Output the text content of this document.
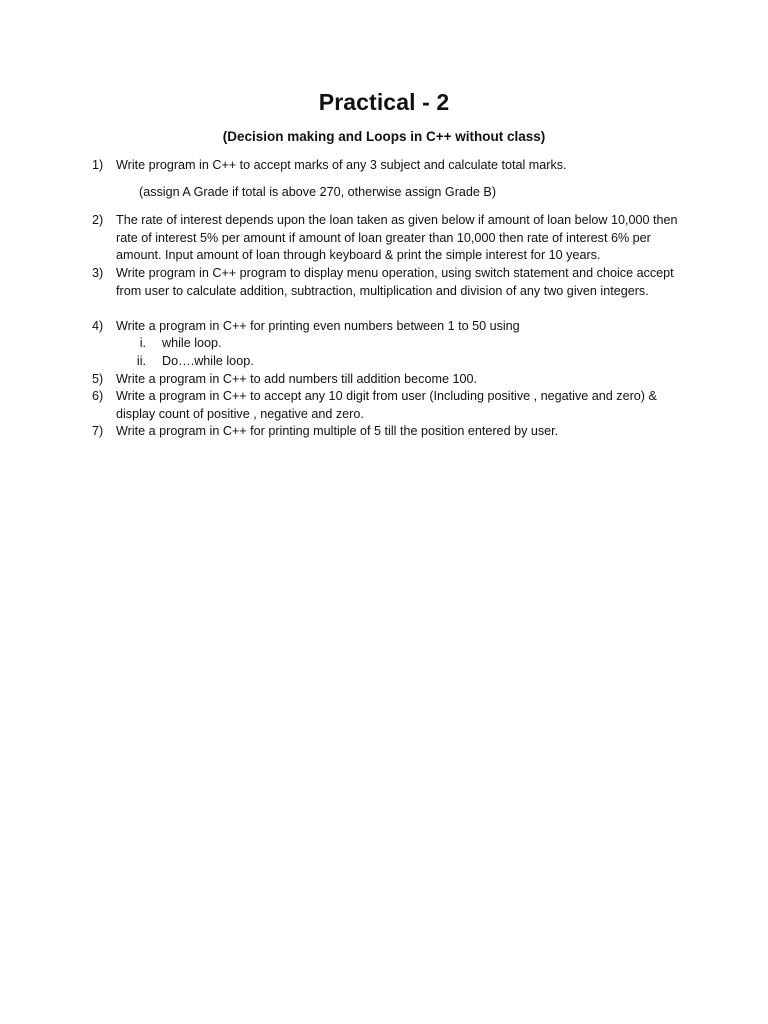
Practical - 2
(Decision making and Loops in C++ without class)
1)	Write program in C++ to accept marks of any 3 subject and calculate total marks.
(assign A Grade if total is above 270, otherwise assign Grade B)
2)	The rate of interest depends upon the loan taken as given below if amount of loan below 10,000 then rate of interest 5% per amount if amount of loan greater than 10,000 then rate of interest 6% per amount. Input amount of loan through keyboard & print the simple interest for 10 years.
3)	Write program in C++ program to display menu operation, using switch statement and choice accept from user to calculate addition, subtraction, multiplication and division of any two given integers.
4)	Write a program in C++ for printing even numbers between 1 to 50 using
i. while loop.
ii. Do….while loop.
5)	Write a program in C++ to add numbers till addition become 100.
6)	Write a program in C++ to accept any 10 digit from user (Including positive , negative and zero) & display count of positive , negative and zero.
7)	Write a program in C++ for printing multiple of 5 till the position entered by user.
